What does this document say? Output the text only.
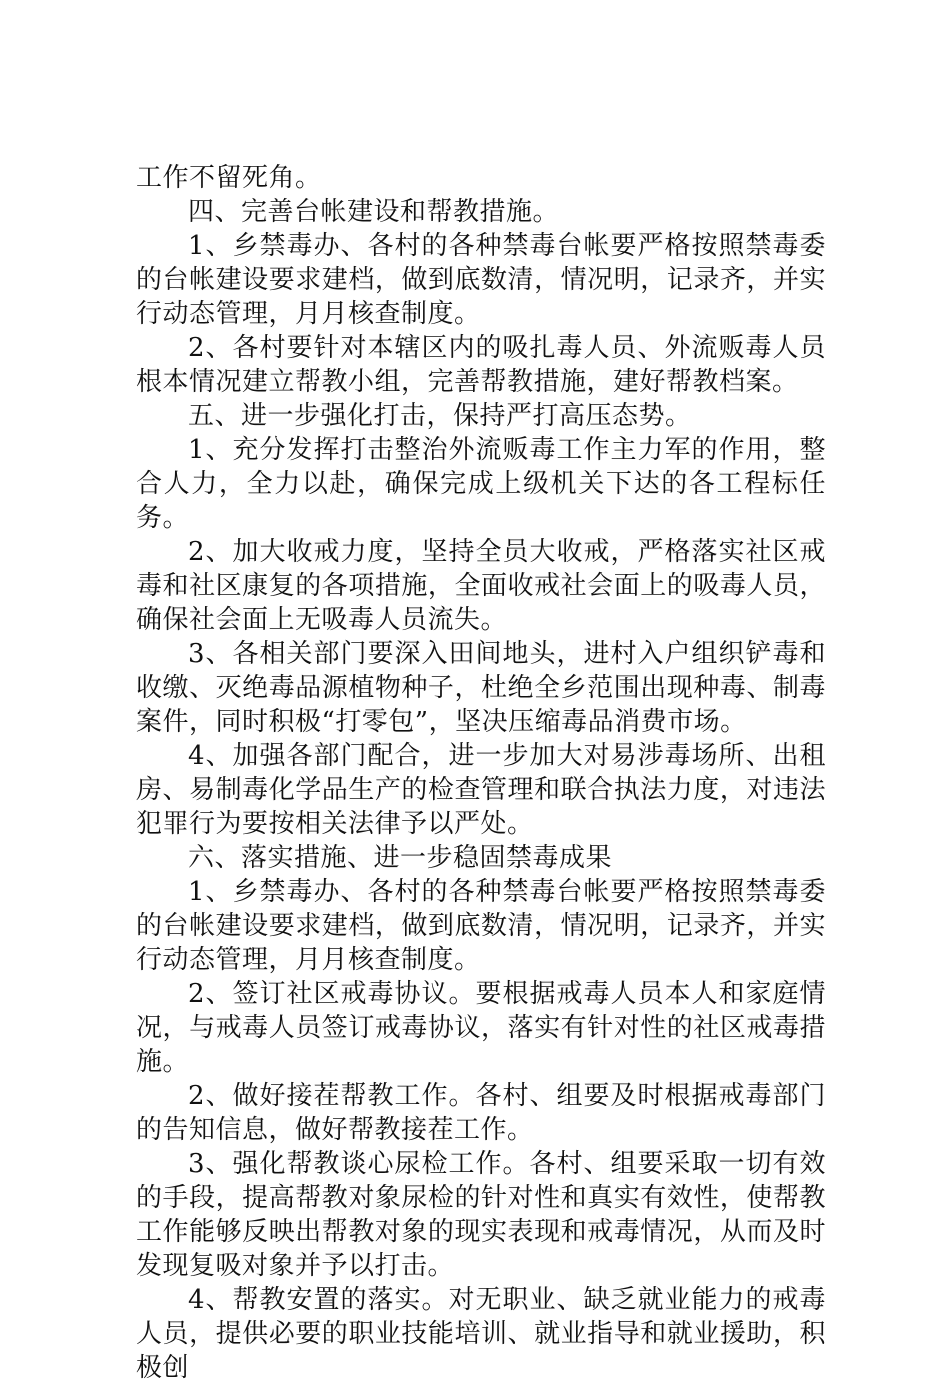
工作不留死角。

四、完善台帐建设和帮教措施。

1、乡禁毒办、各村的各种禁毒台帐要严格按照禁毒委的台帐建设要求建档，做到底数清，情况明，记录齐，并实行动态管理，月月核查制度。

2、各村要针对本辖区内的吸扎毒人员、外流贩毒人员根本情况建立帮教小组，完善帮教措施，建好帮教档案。

五、进一步强化打击，保持严打高压态势。

1、充分发挥打击整治外流贩毒工作主力军的作用，整合人力，全力以赴，确保完成上级机关下达的各工程标任务。

2、加大收戒力度，坚持全员大收戒，严格落实社区戒毒和社区康复的各项措施，全面收戒社会面上的吸毒人员，确保社会面上无吸毒人员流失。

3、各相关部门要深入田间地头，进村入户组织铲毒和收缴、灭绝毒品源植物种子，杜绝全乡范围出现种毒、制毒案件，同时积极“打零包”，坚决压缩毒品消费市场。

4、加强各部门配合，进一步加大对易涉毒场所、出租房、易制毒化学品生产的检查管理和联合执法力度，对违法犯罪行为要按相关法律予以严处。

六、落实措施、进一步稳固禁毒成果

1、乡禁毒办、各村的各种禁毒台帐要严格按照禁毒委的台帐建设要求建档，做到底数清，情况明，记录齐，并实行动态管理，月月核查制度。

2、签订社区戒毒协议。要根据戒毒人员本人和家庭情况，与戒毒人员签订戒毒协议，落实有针对性的社区戒毒措施。

2、做好接茬帮教工作。各村、组要及时根据戒毒部门的告知信息，做好帮教接茬工作。

3、强化帮教谈心尿检工作。各村、组要采取一切有效的手段，提高帮教对象尿检的针对性和真实有效性，使帮教工作能够反映出帮教对象的现实表现和戒毒情况，从而及时发现复吸对象并予以打击。

4、帮教安置的落实。对无职业、缺乏就业能力的戒毒人员，提供必要的职业技能培训、就业指导和就业援助，积极创
